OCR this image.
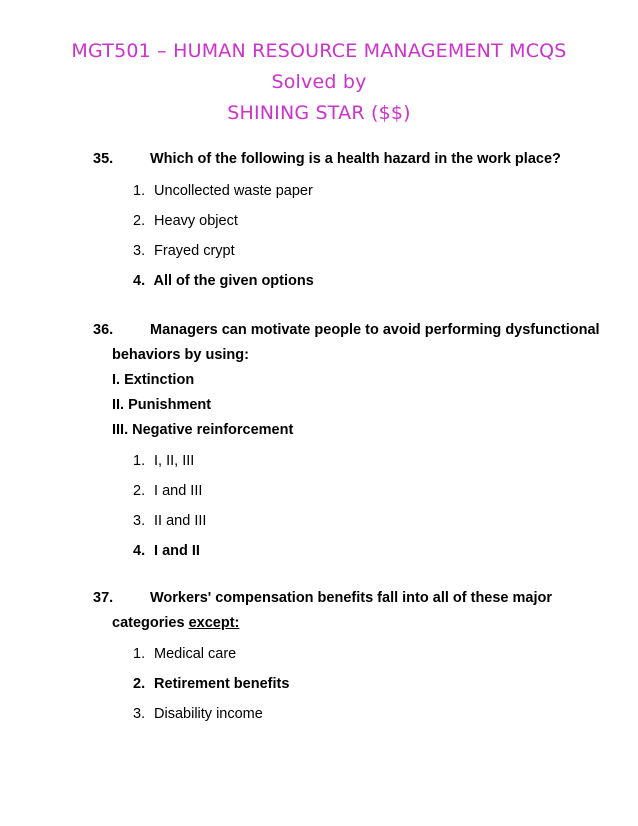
MGT501 – HUMAN RESOURCE MANAGEMENT MCQS
Solved by
SHINING STAR ($$)
35.	Which of the following is a health hazard in the work place?
1. Uncollected waste paper
2. Heavy object
3. Frayed crypt
4. All of the given options
36.	Managers can motivate people to avoid performing dysfunctional
behaviors by using:
I. Extinction
II. Punishment
III. Negative reinforcement
1. I, II, III
2. I and III
3. II and III
4. I and II
37.	Workers' compensation benefits fall into all of these major
categories except:
1. Medical care
2. Retirement benefits
3. Disability income
